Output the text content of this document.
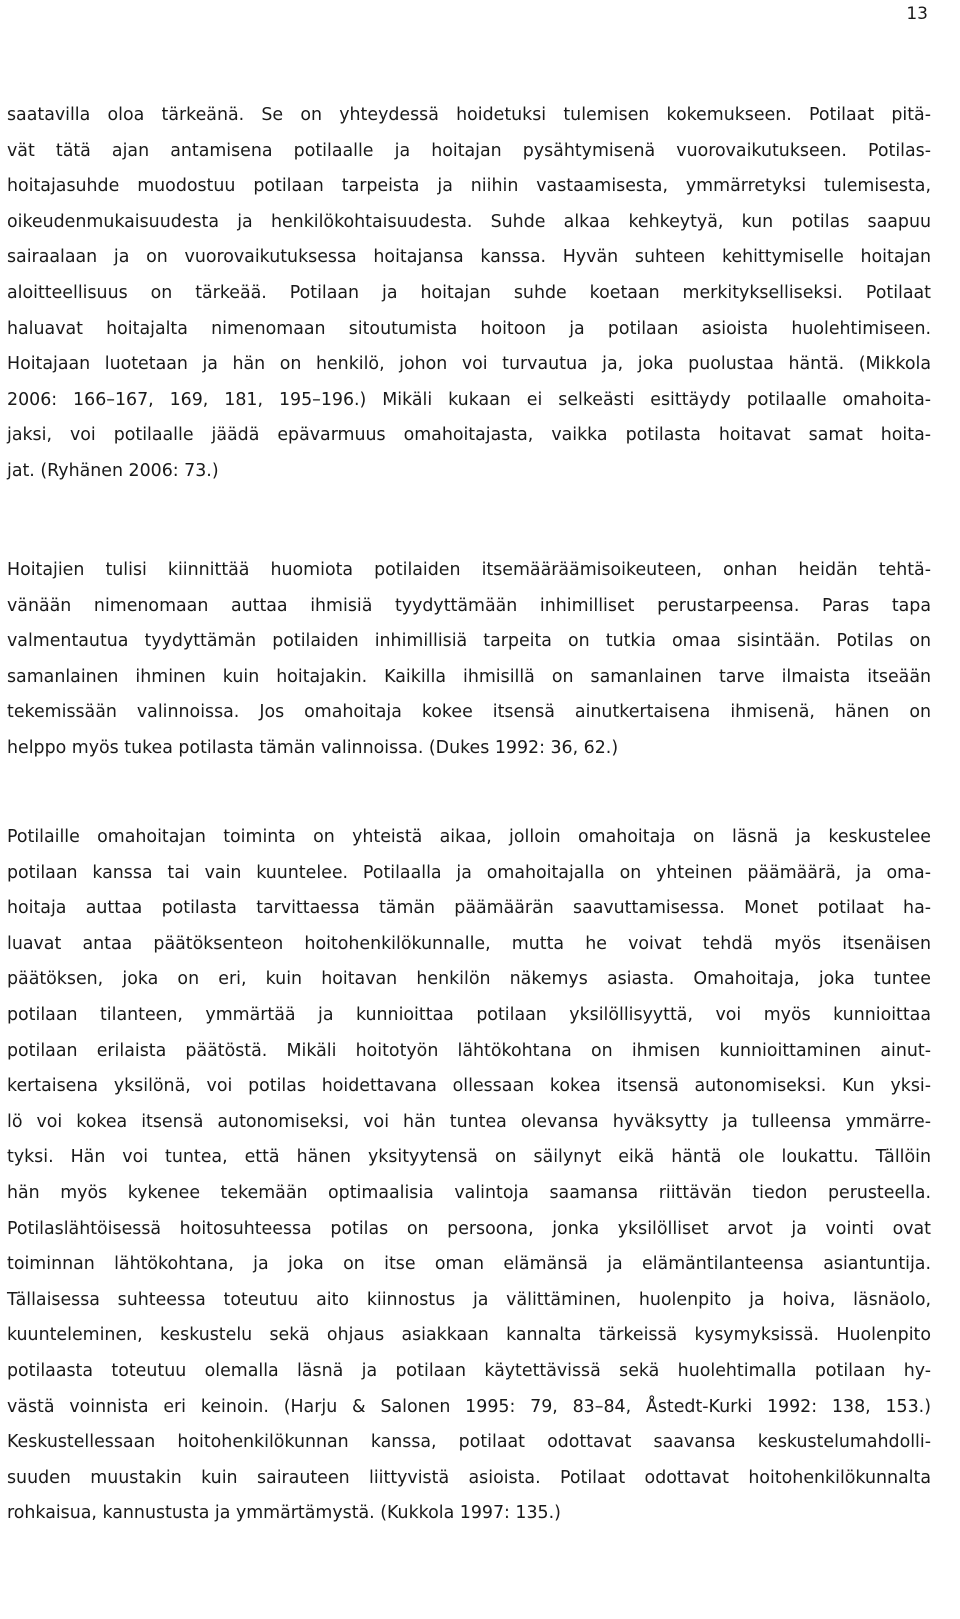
13
saatavilla oloa tärkeänä. Se on yhteydessä hoidetuksi tulemisen kokemukseen. Potilaat pitä-
vät tätä ajan antamisena potilaalle ja hoitajan pysähtymisenä vuorovaikutukseen. Potilas-
hoitajasuhde muodostuu potilaan tarpeista ja niihin vastaamisesta, ymmärretyksi tulemisesta,
oikeudenmukaisuudesta ja henkilökohtaisuudesta. Suhde alkaa kehkeytyä, kun potilas saapuu
sairaalaan ja on vuorovaikutuksessa hoitajansa kanssa. Hyvän suhteen kehittymiselle hoitajan
aloitteellisuus on tärkeää. Potilaan ja hoitajan suhde koetaan merkitykselliseksi. Potilaat
haluavat hoitajalta nimenomaan sitoutumista hoitoon ja potilaan asioista huolehtimiseen.
Hoitajaan luotetaan ja hän on henkilö, johon voi turvautua ja, joka puolustaa häntä. (Mikkola
2006: 166–167, 169, 181, 195–196.) Mikäli kukaan ei selkeästi esittäydy potilaalle omahoita-
jaksi, voi potilaalle jäädä epävarmuus omahoitajasta, vaikka potilasta hoitavat samat hoita-
jat. (Ryhänen 2006: 73.)
Hoitajien tulisi kiinnittää huomiota potilaiden itsemääräämisoikeuteen, onhan heidän tehtä-
vänään nimenomaan auttaa ihmisiä tyydyttämään inhimilliset perustarpeensa. Paras tapa
valmentautua tyydyttämän potilaiden inhimillisiä tarpeita on tutkia omaa sisintään. Potilas on
samanlainen ihminen kuin hoitajakin. Kaikilla ihmisillä on samanlainen tarve ilmaista itseään
tekemissään valinnoissa. Jos omahoitaja kokee itsensä ainutkertaisena ihmisenä, hänen on
helppo myös tukea potilasta tämän valinnoissa. (Dukes 1992: 36, 62.)
Potilaille omahoitajan toiminta on yhteistä aikaa, jolloin omahoitaja on läsnä ja keskustelee
potilaan kanssa tai vain kuuntelee. Potilaalla ja omahoitajalla on yhteinen päämäärä, ja oma-
hoitaja auttaa potilasta tarvittaessa tämän päämäärän saavuttamisessa. Monet potilaat ha-
luavat antaa päätöksenteon hoitohenkilökunnalle, mutta he voivat tehdä myös itsenäisen
päätöksen, joka on eri, kuin hoitavan henkilön näkemys asiasta. Omahoitaja, joka tuntee
potilaan tilanteen, ymmärtää ja kunnioittaa potilaan yksilöllisyyttä, voi myös kunnioittaa
potilaan erilaista päätöstä. Mikäli hoitotyön lähtökohtana on ihmisen kunnioittaminen ainut-
kertaisena yksilönä, voi potilas hoidettavana ollessaan kokea itsensä autonomiseksi. Kun yksi-
lö voi kokea itsensä autonomiseksi, voi hän tuntea olevansa hyväksytty ja tulleensa ymmärre-
tyksi. Hän voi tuntea, että hänen yksityytensä on säilynyt eikä häntä ole loukattu. Tällöin
hän myös kykenee tekemään optimaalisia valintoja saamansa riittävän tiedon perusteella.
Potilaslähtöisessä hoitosuhteessa potilas on persoona, jonka yksilölliset arvot ja vointi ovat
toiminnan lähtökohtana, ja joka on itse oman elämänsä ja elämäntilanteensa asiantuntija.
Tällaisessa suhteessa toteutuu aito kiinnostus ja välittäminen, huolenpito ja hoiva, läsnäolo,
kuunteleminen, keskustelu sekä ohjaus asiakkaan kannalta tärkeissä kysymyksissä. Huolenpito
potilaasta toteutuu olemalla läsnä ja potilaan käytettävissä sekä huolehtimalla potilaan hy-
västä voinnista eri keinoin. (Harju & Salonen 1995: 79, 83–84, Åstedt-Kurki 1992: 138, 153.)
Keskustellessaan hoitohenkilökunnan kanssa, potilaat odottavat saavansa keskustelumahdolli-
suuden muustakin kuin sairauteen liittyvistä asioista. Potilaat odottavat hoitohenkilökunnalta
rohkaisua, kannustusta ja ymmärtämystä. (Kukkola 1997: 135.)
